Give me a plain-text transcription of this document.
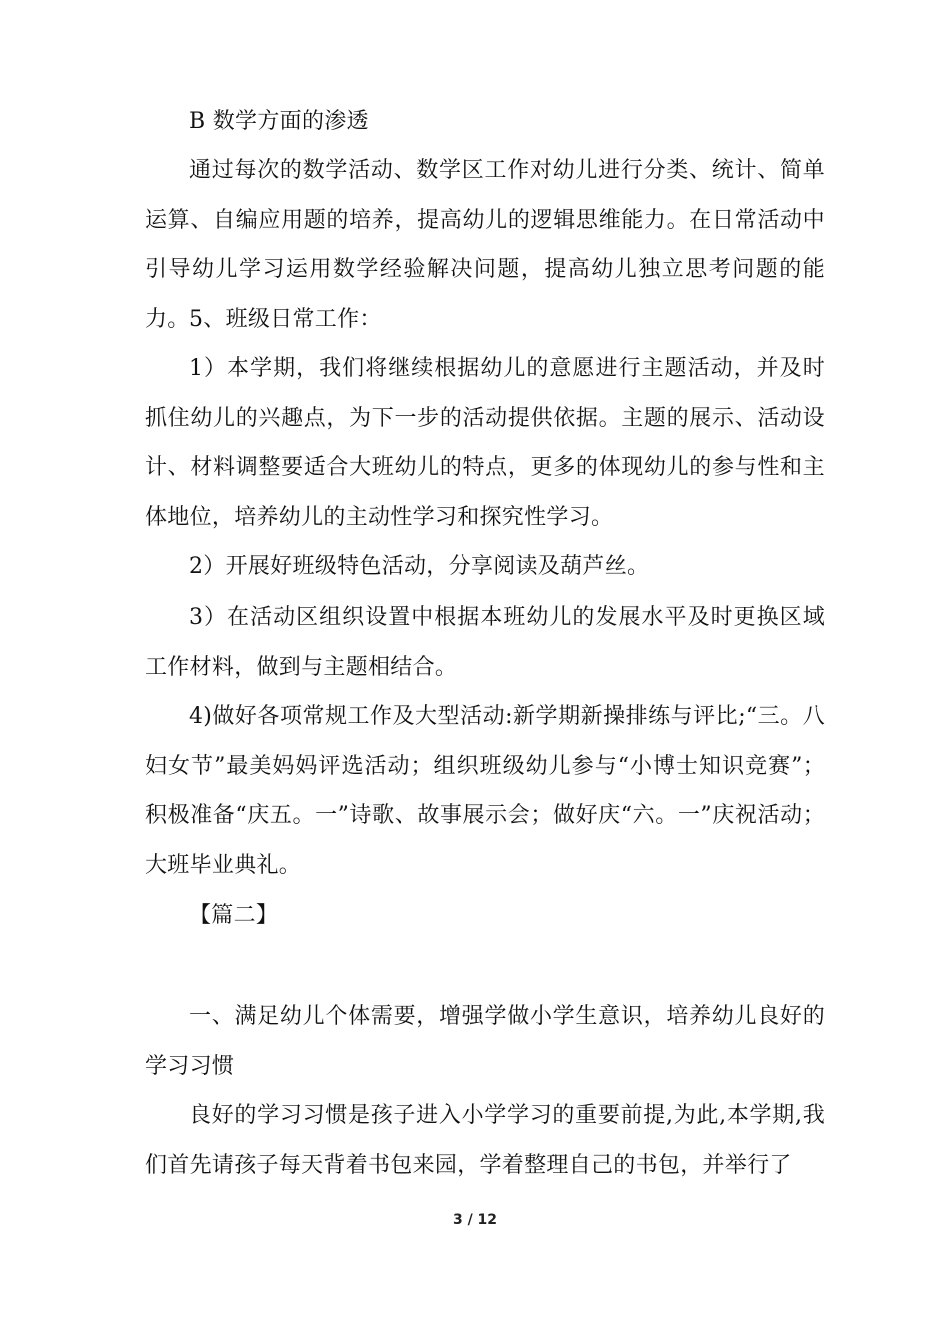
B 数学方面的渗透

通过每次的数学活动、数学区工作对幼儿进行分类、统计、简单运算、自编应用题的培养，提高幼儿的逻辑思维能力。在日常活动中引导幼儿学习运用数学经验解决问题，提高幼儿独立思考问题的能力。 5、班级日常工作：

1）本学期，我们将继续根据幼儿的意愿进行主题活动，并及时抓住幼儿的兴趣点，为下一步的活动提供依据。主题的展示、活动设计、材料调整要适合大班幼儿的特点，更多的体现幼儿的参与性和主体地位，培养幼儿的主动性学习和探究性学习。

2）开展好班级特色活动，分享阅读及葫芦丝。

3）在活动区组织设置中根据本班幼儿的发展水平及时更换区域工作材料，做到与主题相结合。

4)做好各项常规工作及大型活动:新学期新操排练与评比;“三。八妇女节”最美妈妈评选活动；组织班级幼儿参与“小博士知识竞赛”；积极准备“庆五。一”诗歌、故事展示会；做好庆“六。一”庆祝活动；大班毕业典礼。

【篇二】

一、满足幼儿个体需要，增强学做小学生意识，培养幼儿良好的学习习惯

良好的学习习惯是孩子进入小学学习的重要前提,为此,本学期,我们首先请孩子每天背着书包来园，学着整理自己的书包，并举行了

3 / 12
